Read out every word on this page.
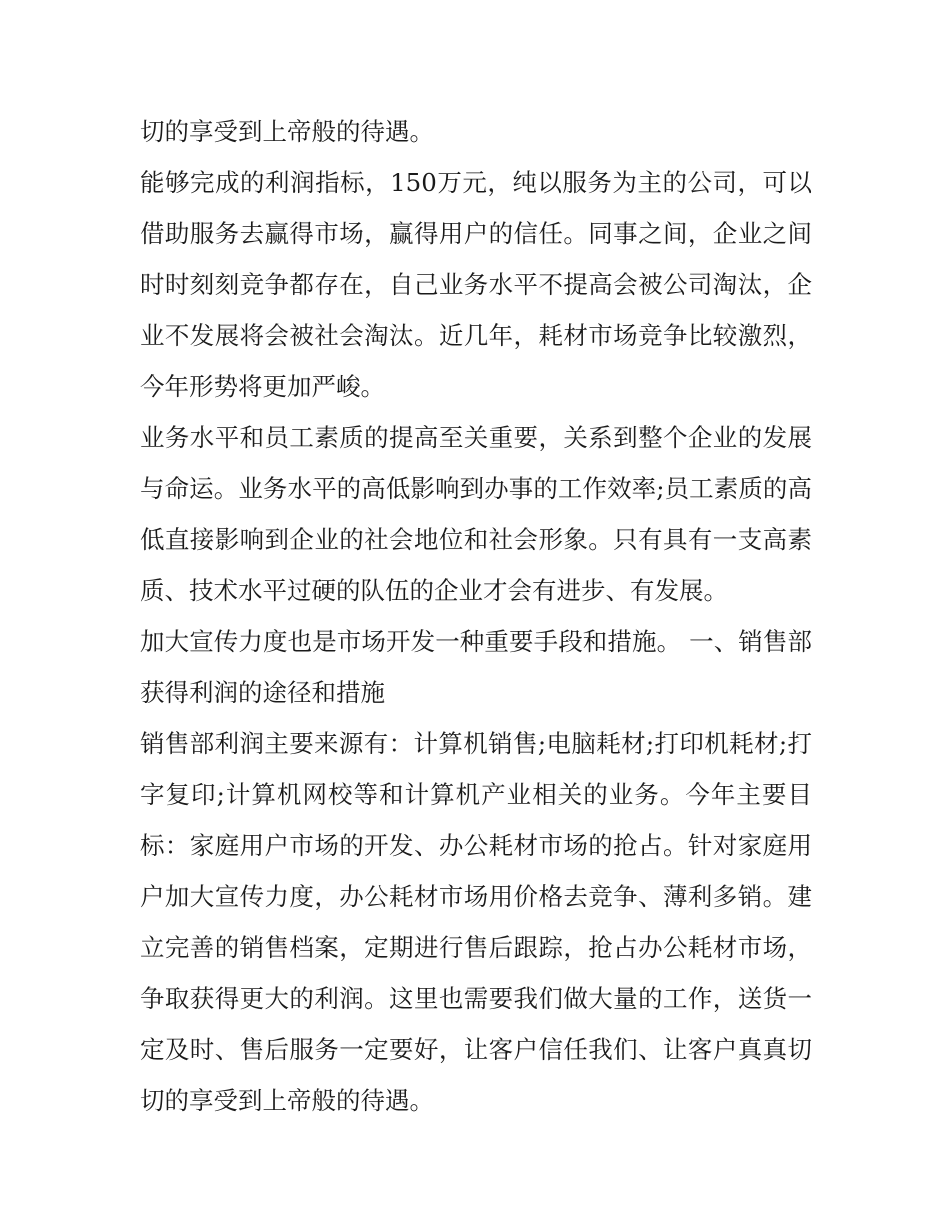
切的享受到上帝般的待遇。

能够完成的利润指标，150万元，纯以服务为主的公司，可以借助服务去赢得市场，赢得用户的信任。同事之间，企业之间时时刻刻竞争都存在，自己业务水平不提高会被公司淘汰，企业不发展将会被社会淘汰。近几年，耗材市场竞争比较激烈，今年形势将更加严峻。

业务水平和员工素质的提高至关重要，关系到整个企业的发展与命运。业务水平的高低影响到办事的工作效率;员工素质的高低直接影响到企业的社会地位和社会形象。只有具有一支高素质、技术水平过硬的队伍的企业才会有进步、有发展。

加大宣传力度也是市场开发一种重要手段和措施。 一、销售部获得利润的途径和措施

销售部利润主要来源有：计算机销售;电脑耗材;打印机耗材;打字复印;计算机网校等和计算机产业相关的业务。今年主要目标：家庭用户市场的开发、办公耗材市场的抢占。针对家庭用户加大宣传力度，办公耗材市场用价格去竞争、薄利多销。建立完善的销售档案，定期进行售后跟踪，抢占办公耗材市场，争取获得更大的利润。这里也需要我们做大量的工作，送货一定及时、售后服务一定要好，让客户信任我们、让客户真真切切的享受到上帝般的待遇。
